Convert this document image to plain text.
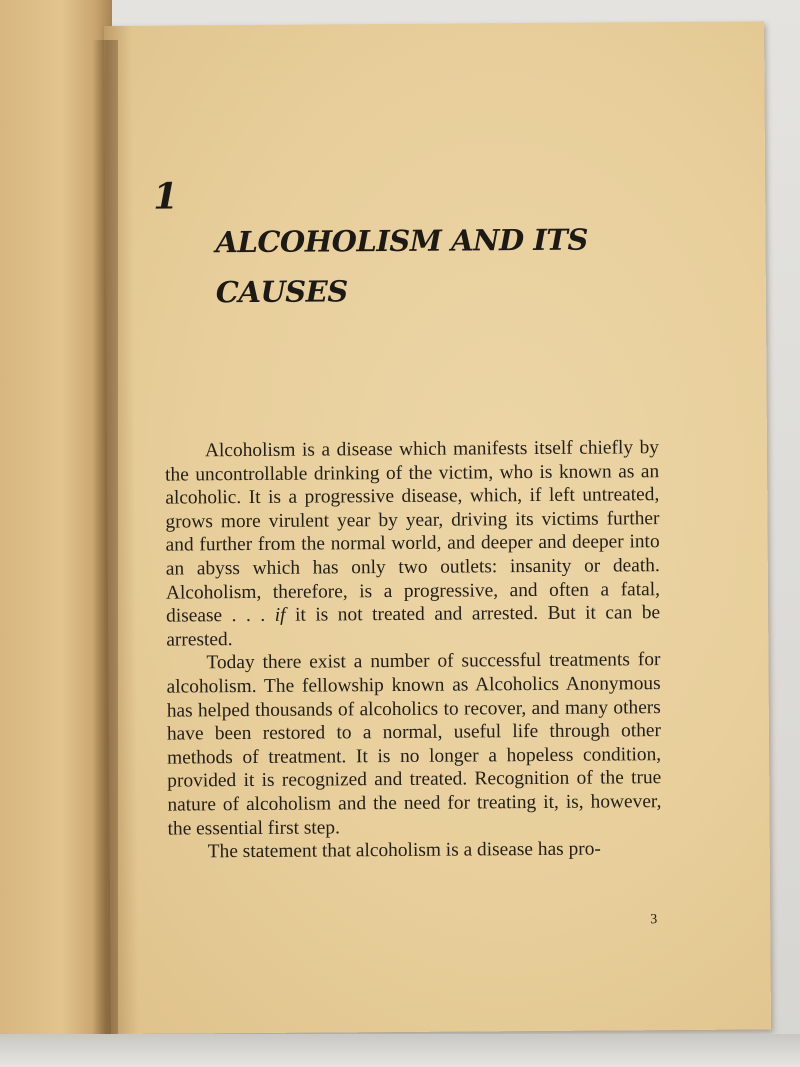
1
ALCOHOLISM AND ITS
CAUSES

Alcoholism is a disease which manifests itself chiefly by the uncontrollable drinking of the victim, who is known as an alcoholic. It is a progressive disease, which, if left untreated, grows more virulent year by year, driving its victims further and further from the normal world, and deeper and deeper into an abyss which has only two outlets: insanity or death. Alcoholism, therefore, is a progressive, and often a fatal, disease . . . if it is not treated and arrested. But it can be arrested.

Today there exist a number of successful treatments for alcoholism. The fellowship known as Alcoholics Anonymous has helped thousands of alcoholics to recover, and many others have been restored to a normal, useful life through other methods of treatment. It is no longer a hopeless condition, provided it is recognized and treated. Recognition of the true nature of alcoholism and the need for treating it, is, however, the essential first step.

The statement that alcoholism is a disease has pro-

3
